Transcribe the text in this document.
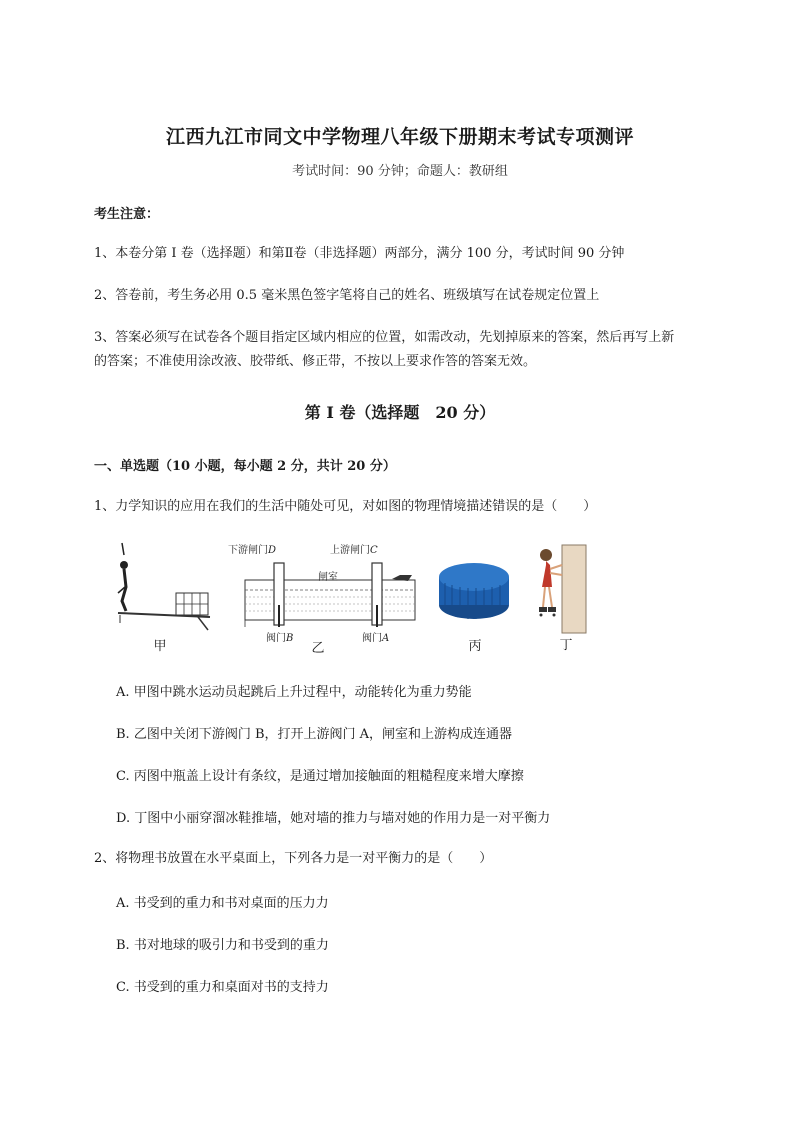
江西九江市同文中学物理八年级下册期末考试专项测评
考试时间：90 分钟；命题人：教研组
考生注意：
1、本卷分第 I 卷（选择题）和第Ⅱ卷（非选择题）两部分，满分 100 分，考试时间 90 分钟
2、答卷前，考生务必用 0.5 毫米黑色签字笔将自己的姓名、班级填写在试卷规定位置上
3、答案必须写在试卷各个题目指定区域内相应的位置，如需改动，先划掉原来的答案，然后再写上新
的答案；不准使用涂改液、胶带纸、修正带，不按以上要求作答的答案无效。
第 I 卷（选择题　20 分）
一、单选题（10 小题，每小题 2 分，共计 20 分）
1、力学知识的应用在我们的生活中随处可见，对如图的物理情境描述错误的是（　　）
下游闸门D	上游闸门C
闸室
阀门B	阀门A
甲	乙	丙	丁
A. 甲图中跳水运动员起跳后上升过程中，动能转化为重力势能
B. 乙图中关闭下游阀门 B，打开上游阀门 A，闸室和上游构成连通器
C. 丙图中瓶盖上设计有条纹，是通过增加接触面的粗糙程度来增大摩擦
D. 丁图中小丽穿溜冰鞋推墙，她对墙的推力与墙对她的作用力是一对平衡力
2、将物理书放置在水平桌面上，下列各力是一对平衡力的是（　　）
A. 书受到的重力和书对桌面的压力力
B. 书对地球的吸引力和书受到的重力
C. 书受到的重力和桌面对书的支持力
